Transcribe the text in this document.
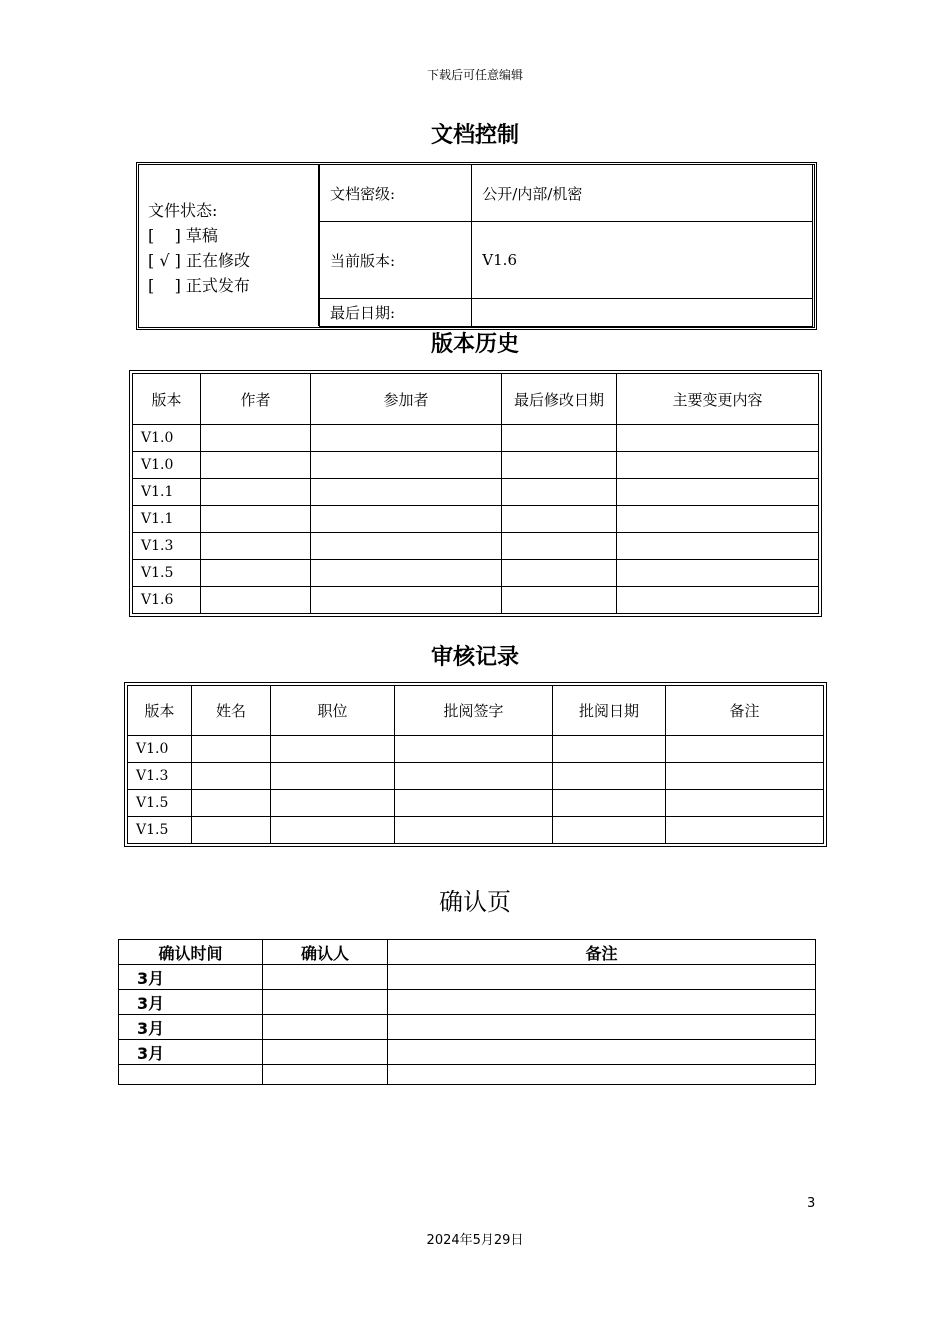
下载后可任意编辑
文档控制
文件状态:
[    ] 草稿
[ √ ] 正在修改
[    ] 正式发布
文档密级:	公开/内部/机密
当前版本:	V1.6
最后日期:	
版本历史
版本	作者	参加者	最后修改日期	主要变更内容
V1.0				
V1.0				
V1.1				
V1.1				
V1.3				
V1.5				
V1.6				
审核记录
版本	姓名	职位	批阅签字	批阅日期	备注
V1.0					
V1.3					
V1.5					
V1.5					
确认页
确认时间	确认人	备注
3月		
3月		
3月		
3月		

3
2024年5月29日
